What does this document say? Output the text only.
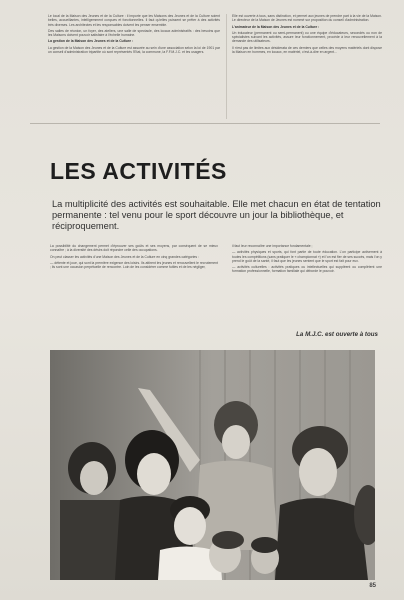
Le local de la Maison des Jeunes et de la Culture : il importe que les Maisons des Jeunes et de la Culture soient belles, accueillantes, intelligemment conçues et fonctionnelles. Il faut qu'elles puissent se prêter à des activités très diverses. Les architectes et les responsables doivent les penser ensemble.

Des salles de réunion, un foyer, des ateliers, une salle de spectacle, des locaux administratifs : des besoins que les Maisons doivent pouvoir satisfaire à l'échelle humaine.

La gestion de la Maison des Jeunes et de la Culture :

La gestion de la Maison des Jeunes et de la Culture est assurée au sein d'une association selon la loi de 1901 par un conseil d'administration tripartite où sont représentés l'Etat, la commune, la F.F.M.J.C. et les usagers.

Elle est ouverte à tous, sans distinction, et permet aux jeunes de prendre part à la vie de la Maison. Le directeur de la Maison de Jeunes est nommé sur proposition du conseil d'administration.

L'animateur de la Maison des Jeunes et de la Culture :

Un éducateur (permanent ou semi-permanent) ou une équipe d'éducateurs, secondés ou non de spécialistes suivant les activités, assure leur fonctionnement, procède à leur renouvellement à la demande des utilisateurs.

Il n'est pas de limites aux désiderata de ces derniers que celles des moyens matériels dont dispose la Maison en hommes, en locaux, en matériel, c'est-à-dire en argent...

LES ACTIVITÉS
La multiplicité des activités est souhaitable. Elle met chacun en état de tentation permanente : tel venu pour le sport découvre un jour la bibliothèque, et réciproquement.

La possibilité du changement permet d'éprouver ses goûts et ses moyens, par conséquent de se mieux connaître ; à la diversité des désirs doit répondre celle des occupations.

On peut classer les activités d'une Maison des Jeunes et de la Culture en cinq grandes catégories :

— détente et joue, qui sont la première exigence des loisirs. Ils attirent les jeunes et renouvellent le recrutement ; ils sont une occasion perpétuelle de rencontre. Loin de les considérer comme futiles et de les négliger,

il faut leur reconnaître une importance fondamentale ;

— activités physiques et sports, qui font partie de toute éducation. L'on participe activement à toutes les compétitions (sans pratiquer le « championnat ») et l'on est fier de ses succès, mais l'on y prend le goût de la santé, il faut que les jeunes sentent que le sport est fait pour eux.

— activités culturelles : activités pratiques ou intellectuelles qui suppléent ou complètent une formation professionnelle, formation familiale qui déborde le pouvoir.

La M.J.C. est ouverte à tous
85
